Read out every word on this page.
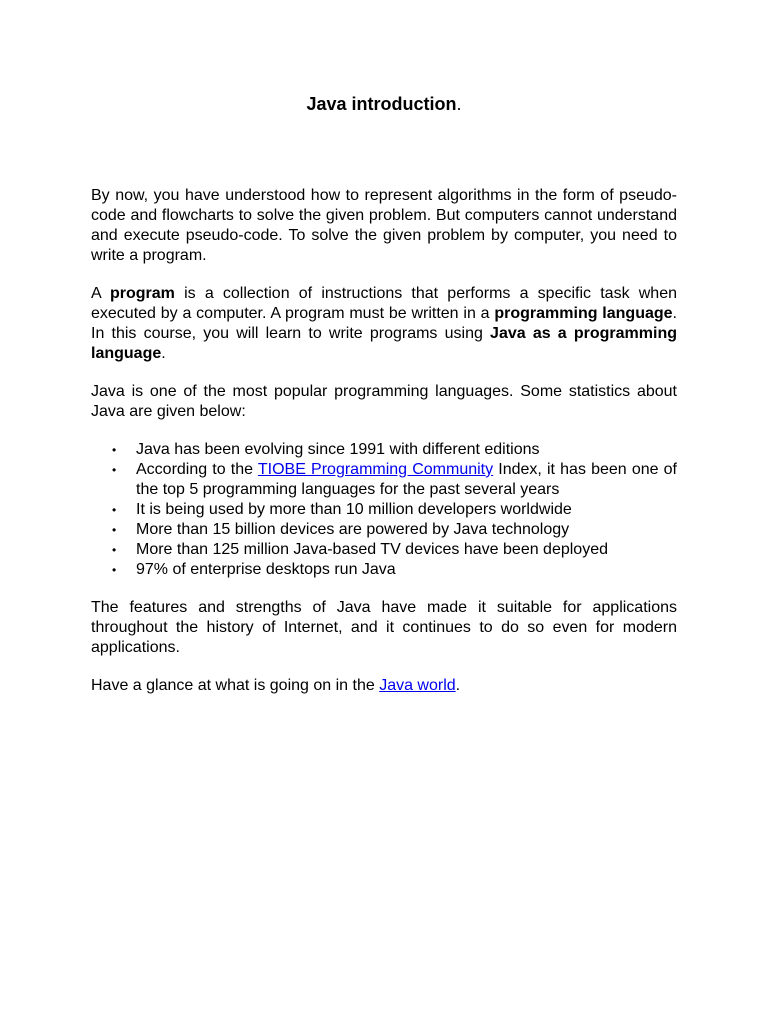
Java introduction.

By now, you have understood how to represent algorithms in the form of pseudo-code and flowcharts to solve the given problem. But computers cannot understand and execute pseudo-code. To solve the given problem by computer, you need to write a program.

A program is a collection of instructions that performs a specific task when executed by a computer. A program must be written in a programming language. In this course, you will learn to write programs using Java as a programming language.

Java is one of the most popular programming languages. Some statistics about Java are given below:

• Java has been evolving since 1991 with different editions
• According to the TIOBE Programming Community Index, it has been one of the top 5 programming languages for the past several years
• It is being used by more than 10 million developers worldwide
• More than 15 billion devices are powered by Java technology
• More than 125 million Java-based TV devices have been deployed
• 97% of enterprise desktops run Java

The features and strengths of Java have made it suitable for applications throughout the history of Internet, and it continues to do so even for modern applications.

Have a glance at what is going on in the Java world.
